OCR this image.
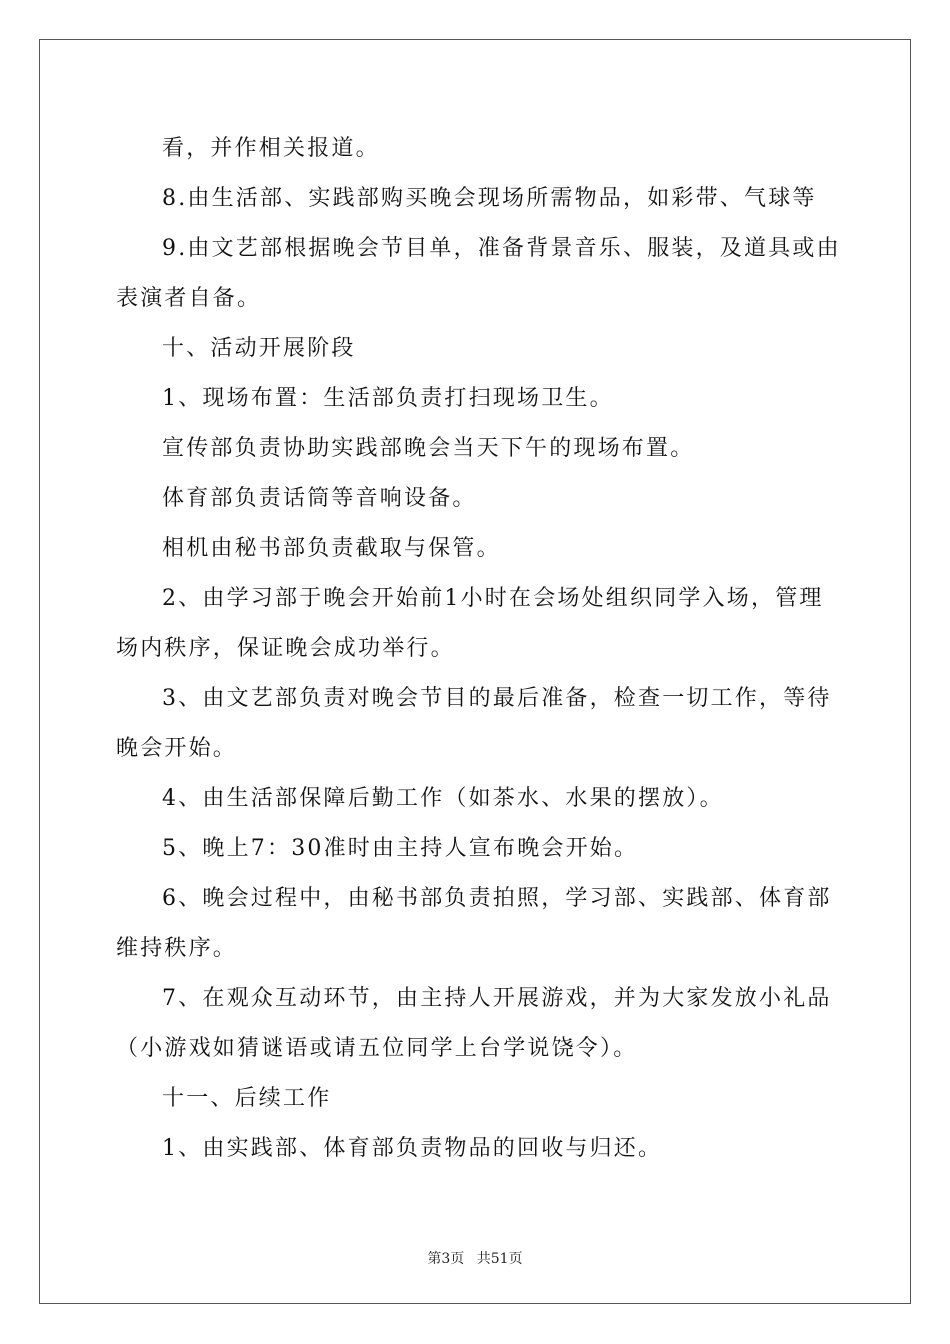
看，并作相关报道。

8.由生活部、实践部购买晚会现场所需物品，如彩带、气球等

9.由文艺部根据晚会节目单，准备背景音乐、服装，及道具或由

表演者自备。

十、活动开展阶段

1、现场布置：生活部负责打扫现场卫生。

宣传部负责协助实践部晚会当天下午的现场布置。

体育部负责话筒等音响设备。

相机由秘书部负责截取与保管。

2、由学习部于晚会开始前1小时在会场处组织同学入场，管理

场内秩序，保证晚会成功举行。

3、由文艺部负责对晚会节目的最后准备，检查一切工作，等待

晚会开始。

4、由生活部保障后勤工作（如茶水、水果的摆放）。

5、晚上7：30准时由主持人宣布晚会开始。

6、晚会过程中，由秘书部负责拍照，学习部、实践部、体育部

维持秩序。

7、在观众互动环节，由主持人开展游戏，并为大家发放小礼品

（小游戏如猜谜语或请五位同学上台学说饶令）。

十一、后续工作

1、由实践部、体育部负责物品的回收与归还。

第3页 共51页
